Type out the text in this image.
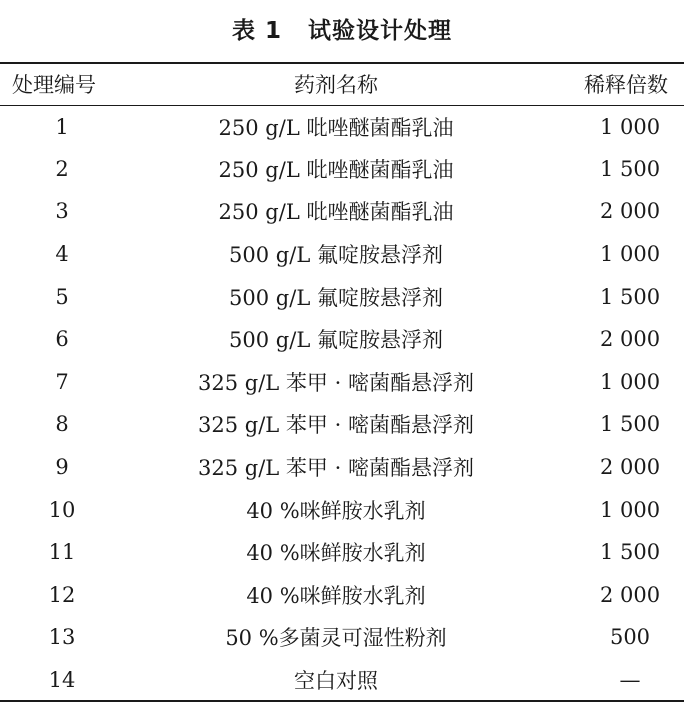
表 1 试验设计处理
处理编号	药剂名称	稀释倍数
1	250 g/L 吡唑醚菌酯乳油	1 000
2	250 g/L 吡唑醚菌酯乳油	1 500
3	250 g/L 吡唑醚菌酯乳油	2 000
4	500 g/L 氟啶胺悬浮剂	1 000
5	500 g/L 氟啶胺悬浮剂	1 500
6	500 g/L 氟啶胺悬浮剂	2 000
7	325 g/L 苯甲 · 嘧菌酯悬浮剂	1 000
8	325 g/L 苯甲 · 嘧菌酯悬浮剂	1 500
9	325 g/L 苯甲 · 嘧菌酯悬浮剂	2 000
10	40 %咪鲜胺水乳剂	1 000
11	40 %咪鲜胺水乳剂	1 500
12	40 %咪鲜胺水乳剂	2 000
13	50 %多菌灵可湿性粉剂	500
14	空白对照	—
